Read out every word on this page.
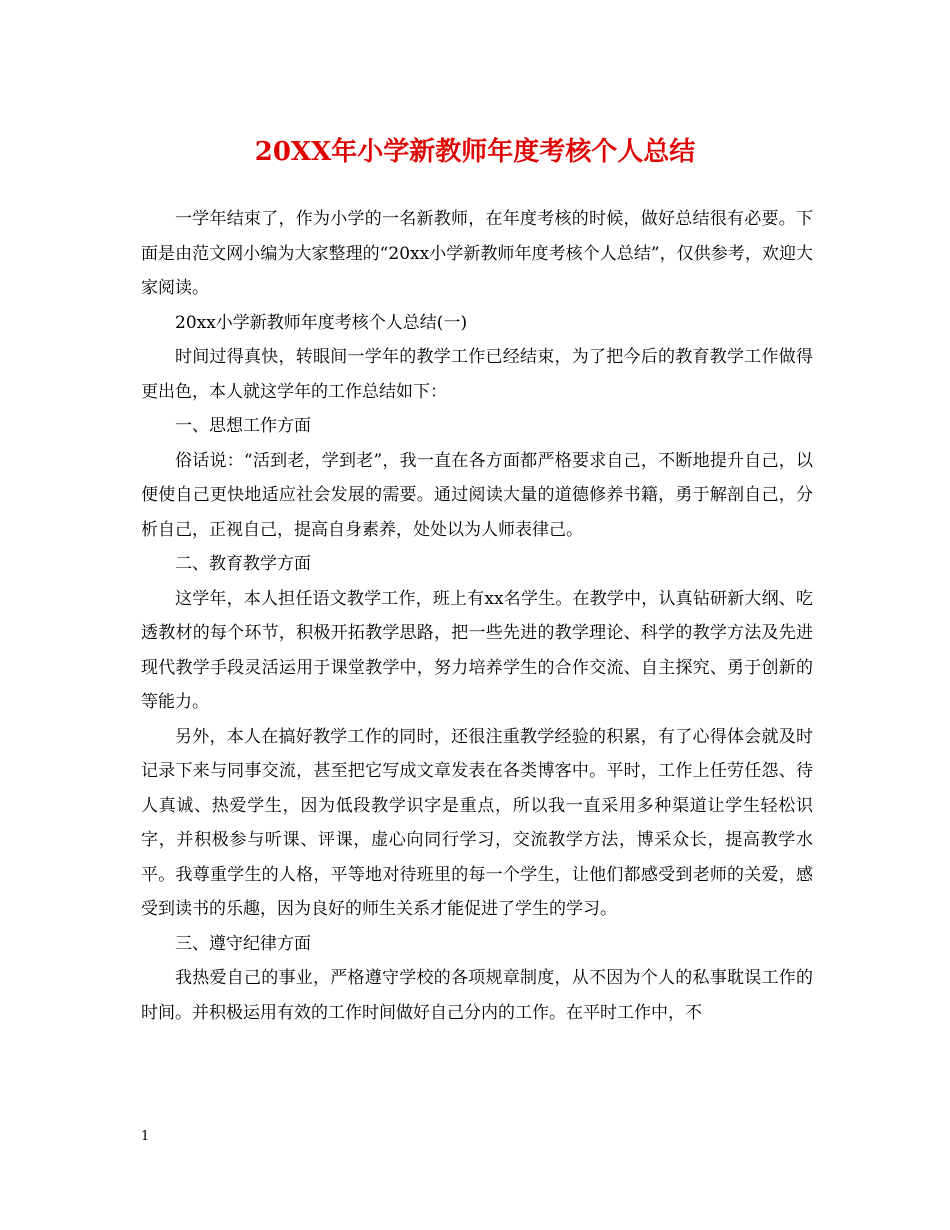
20XX年小学新教师年度考核个人总结

一学年结束了，作为小学的一名新教师，在年度考核的时候，做好总结很有必要。下面是由范文网小编为大家整理的“20xx小学新教师年度考核个人总结”，仅供参考，欢迎大家阅读。

20xx小学新教师年度考核个人总结(一)

时间过得真快，转眼间一学年的教学工作已经结束，为了把今后的教育教学工作做得更出色，本人就这学年的工作总结如下：

一、思想工作方面

俗话说：“活到老，学到老”，我一直在各方面都严格要求自己，不断地提升自己，以便使自己更快地适应社会发展的需要。通过阅读大量的道德修养书籍，勇于解剖自己，分析自己，正视自己，提高自身素养，处处以为人师表律己。

二、教育教学方面

这学年，本人担任语文教学工作，班上有xx名学生。在教学中，认真钻研新大纲、吃透教材的每个环节，积极开拓教学思路，把一些先进的教学理论、科学的教学方法及先进现代教学手段灵活运用于课堂教学中，努力培养学生的合作交流、自主探究、勇于创新的等能力。

另外，本人在搞好教学工作的同时，还很注重教学经验的积累，有了心得体会就及时记录下来与同事交流，甚至把它写成文章发表在各类博客中。平时，工作上任劳任怨、待人真诚、热爱学生，因为低段教学识字是重点，所以我一直采用多种渠道让学生轻松识字，并积极参与听课、评课，虚心向同行学习，交流教学方法，博采众长，提高教学水平。我尊重学生的人格，平等地对待班里的每一个学生，让他们都感受到老师的关爱，感受到读书的乐趣，因为良好的师生关系才能促进了学生的学习。

三、遵守纪律方面

我热爱自己的事业，严格遵守学校的各项规章制度，从不因为个人的私事耽误工作的时间。并积极运用有效的工作时间做好自己分内的工作。在平时工作中，不

1
